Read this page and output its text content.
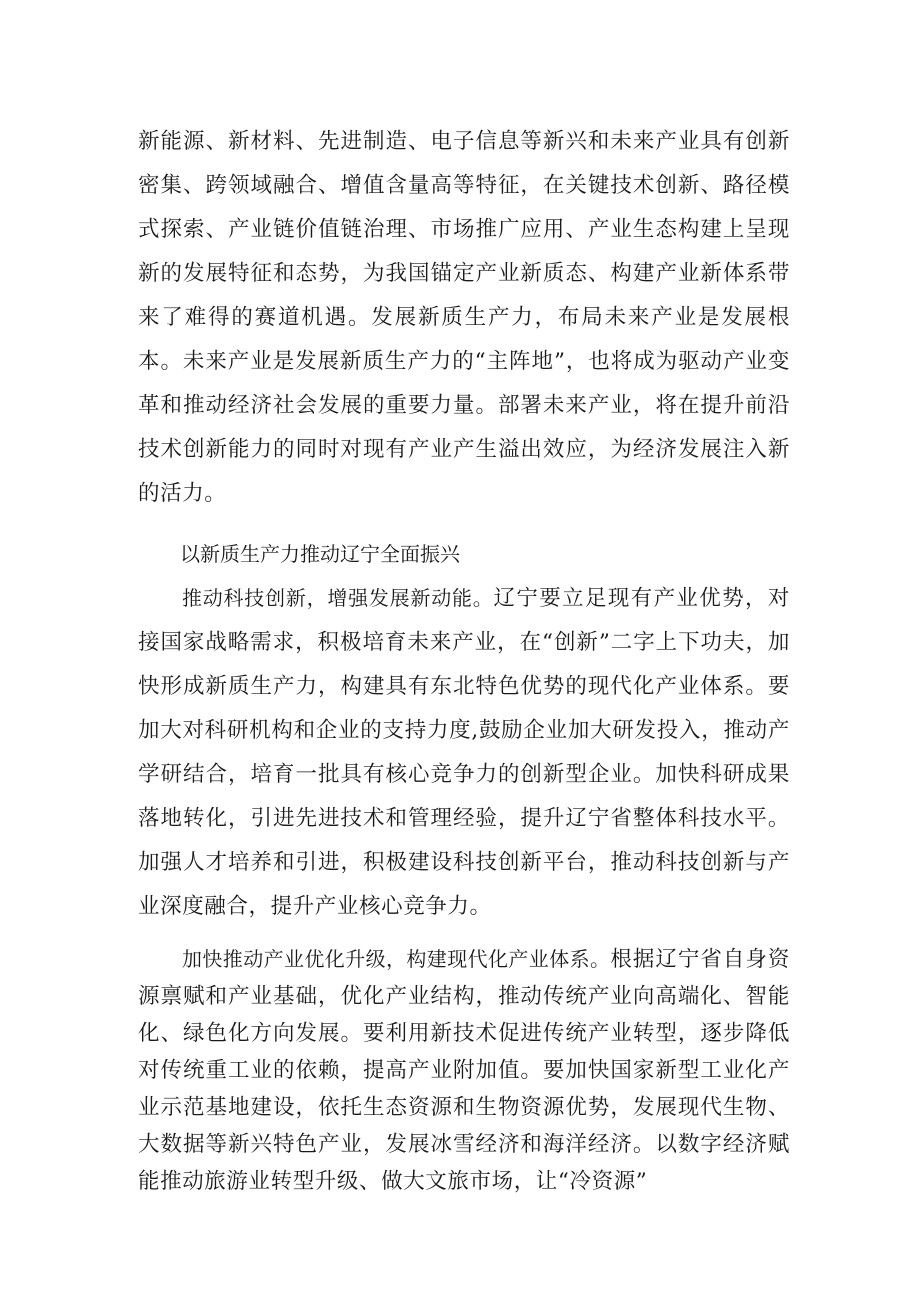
新能源、新材料、先进制造、电子信息等新兴和未来产业具有创新密集、跨领域融合、增值含量高等特征，在关键技术创新、路径模式探索、产业链价值链治理、市场推广应用、产业生态构建上呈现新的发展特征和态势，为我国锚定产业新质态、构建产业新体系带来了难得的赛道机遇。发展新质生产力，布局未来产业是发展根本。未来产业是发展新质生产力的“主阵地”，也将成为驱动产业变革和推动经济社会发展的重要力量。部署未来产业，将在提升前沿技术创新能力的同时对现有产业产生溢出效应，为经济发展注入新的活力。

以新质生产力推动辽宁全面振兴

推动科技创新，增强发展新动能。辽宁要立足现有产业优势，对接国家战略需求，积极培育未来产业，在“创新”二字上下功夫，加快形成新质生产力，构建具有东北特色优势的现代化产业体系。要加大对科研机构和企业的支持力度,鼓励企业加大研发投入，推动产学研结合，培育一批具有核心竞争力的创新型企业。加快科研成果落地转化，引进先进技术和管理经验，提升辽宁省整体科技水平。加强人才培养和引进，积极建设科技创新平台，推动科技创新与产业深度融合，提升产业核心竞争力。

加快推动产业优化升级，构建现代化产业体系。根据辽宁省自身资源禀赋和产业基础，优化产业结构，推动传统产业向高端化、智能化、绿色化方向发展。要利用新技术促进传统产业转型，逐步降低对传统重工业的依赖，提高产业附加值。要加快国家新型工业化产业示范基地建设，依托生态资源和生物资源优势，发展现代生物、大数据等新兴特色产业，发展冰雪经济和海洋经济。以数字经济赋能推动旅游业转型升级、做大文旅市场，让“冷资源”
